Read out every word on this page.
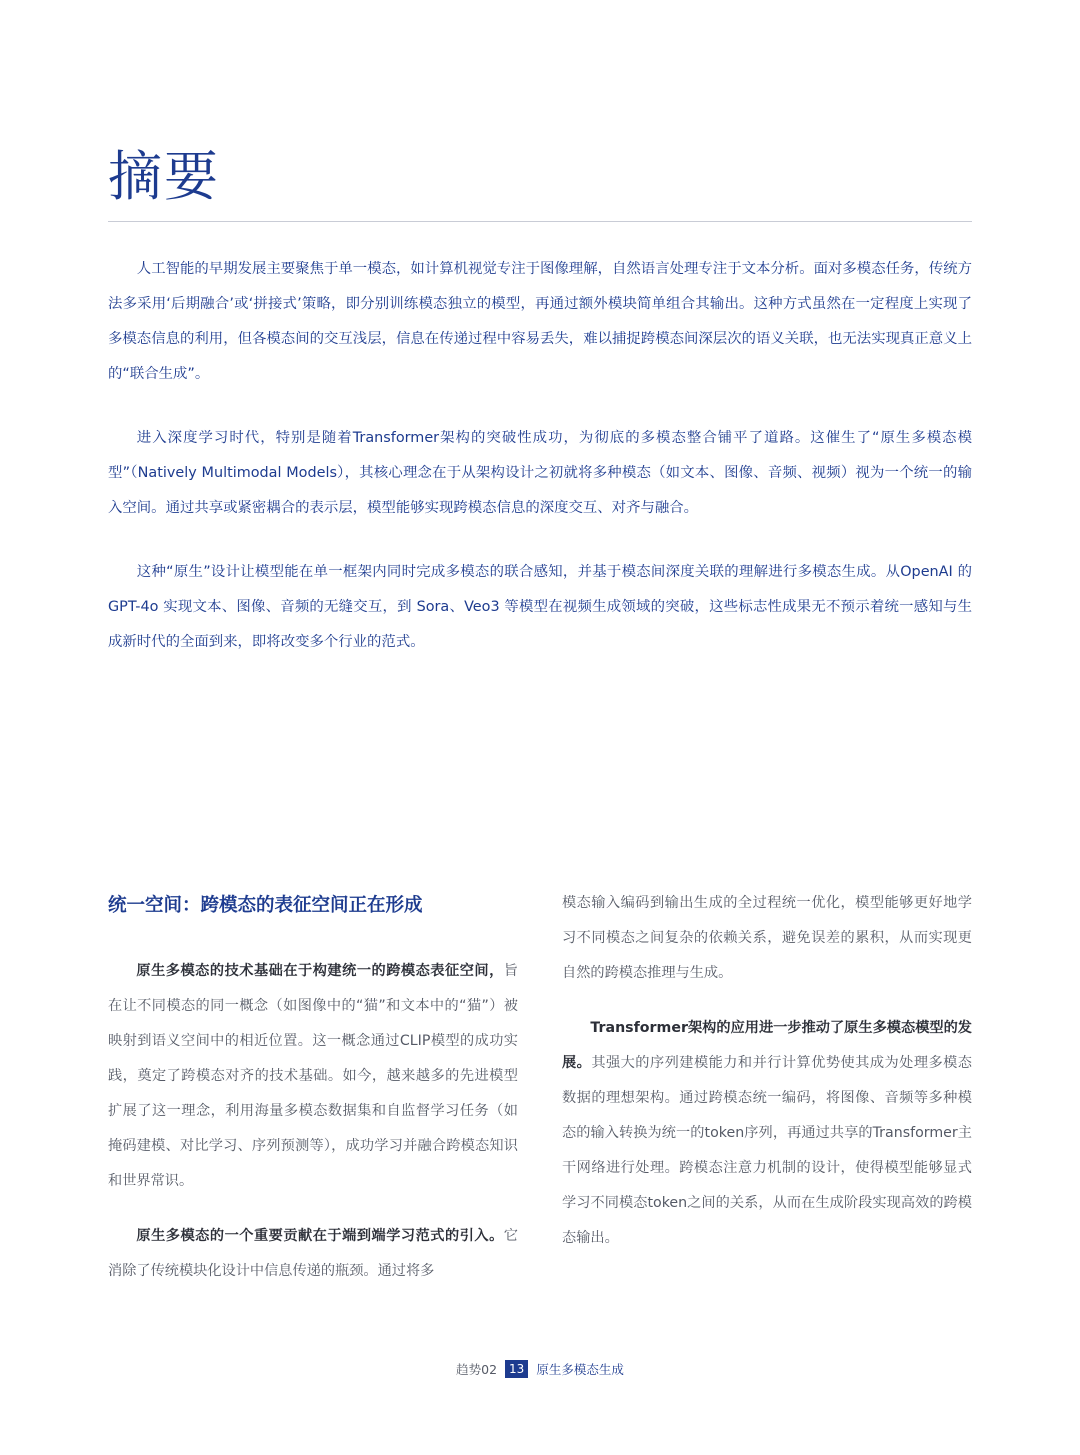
摘要

人工智能的早期发展主要聚焦于单一模态，如计算机视觉专注于图像理解，自然语言处理专注于文本分析。面对多模态任务，传统方法多采用‘后期融合’或‘拼接式’策略，即分别训练模态独立的模型，再通过额外模块简单组合其输出。这种方式虽然在一定程度上实现了多模态信息的利用，但各模态间的交互浅层，信息在传递过程中容易丢失，难以捕捉跨模态间深层次的语义关联，也无法实现真正意义上的“联合生成”。

进入深度学习时代，特别是随着Transformer架构的突破性成功，为彻底的多模态整合铺平了道路。这催生了“原生多模态模型”（Natively Multimodal Models），其核心理念在于从架构设计之初就将多种模态（如文本、图像、音频、视频）视为一个统一的输入空间。通过共享或紧密耦合的表示层，模型能够实现跨模态信息的深度交互、对齐与融合。

这种“原生”设计让模型能在单一框架内同时完成多模态的联合感知，并基于模态间深度关联的理解进行多模态生成。从OpenAI 的 GPT-4o 实现文本、图像、音频的无缝交互，到 Sora、Veo3 等模型在视频生成领域的突破，这些标志性成果无不预示着统一感知与生成新时代的全面到来，即将改变多个行业的范式。

统一空间：跨模态的表征空间正在形成

原生多模态的技术基础在于构建统一的跨模态表征空间，旨在让不同模态的同一概念（如图像中的“猫”和文本中的“猫”）被映射到语义空间中的相近位置。这一概念通过CLIP模型的成功实践，奠定了跨模态对齐的技术基础。如今，越来越多的先进模型扩展了这一理念，利用海量多模态数据集和自监督学习任务（如掩码建模、对比学习、序列预测等），成功学习并融合跨模态知识和世界常识。

原生多模态的一个重要贡献在于端到端学习范式的引入。它消除了传统模块化设计中信息传递的瓶颈。通过将多

模态输入编码到输出生成的全过程统一优化，模型能够更好地学习不同模态之间复杂的依赖关系，避免误差的累积，从而实现更自然的跨模态推理与生成。

Transformer架构的应用进一步推动了原生多模态模型的发展。其强大的序列建模能力和并行计算优势使其成为处理多模态数据的理想架构。通过跨模态统一编码，将图像、音频等多种模态的输入转换为统一的token序列，再通过共享的Transformer主干网络进行处理。跨模态注意力机制的设计，使得模型能够显式学习不同模态token之间的关系，从而在生成阶段实现高效的跨模态输出。

趋势02	13 原生多模态生成
